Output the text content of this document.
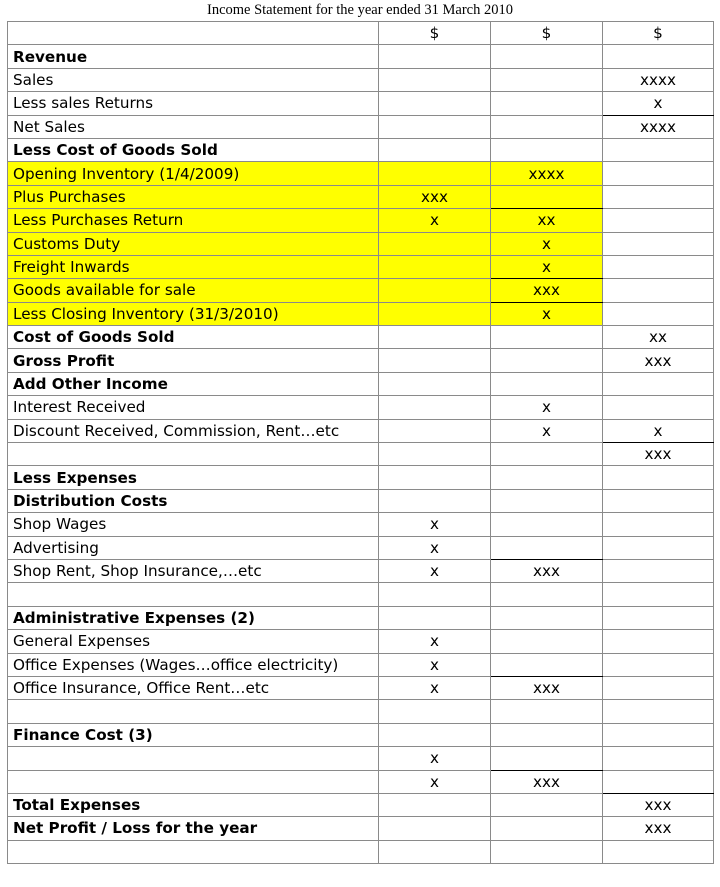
Income Statement for the year ended 31 March 2010
	$	$	$
Revenue			
Sales			xxxx
Less sales Returns			x
Net Sales			xxxx
Less Cost of Goods Sold			
Opening Inventory (1/4/2009)		xxxx	
Plus Purchases	xxx		
Less Purchases Return	x	xx	
Customs Duty		x	
Freight Inwards		x	
Goods available for sale		xxx	
Less Closing Inventory (31/3/2010)		x	
Cost of Goods Sold			xx
Gross Profit			xxx
Add Other Income			
Interest Received		x	
Discount Received, Commission, Rent…etc		x	x
			xxx
Less Expenses			
Distribution Costs			
Shop Wages	x		
Advertising	x		
Shop Rent, Shop Insurance,…etc	x	xxx	

Administrative Expenses (2)			
General Expenses	x		
Office Expenses (Wages…office electricity)	x		
Office Insurance, Office Rent…etc	x	xxx	

Finance Cost (3)			
	x		
	x	xxx	
Total Expenses			xxx
Net Profit / Loss for the year			xxx
